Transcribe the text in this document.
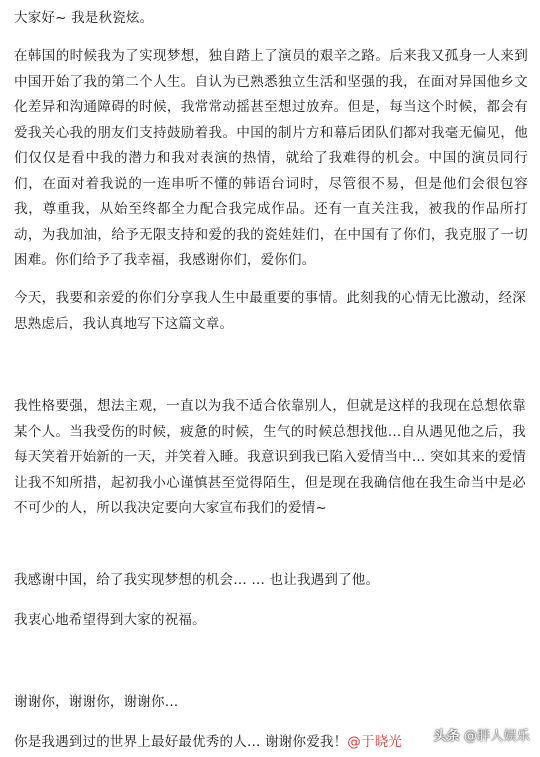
大家好~ 我是秋瓷炫。

在韩国的时候我为了实现梦想，独自踏上了演员的艰辛之路。后来我又孤身一人来到中国开始了我的第二个人生。自认为已熟悉独立生活和坚强的我，在面对异国他乡文化差异和沟通障碍的时候，我常常动摇甚至想过放弃。但是，每当这个时候，都会有爱我关心我的朋友们支持鼓励着我。中国的制片方和幕后团队们都对我毫无偏见，他们仅仅是看中我的潜力和我对表演的热情，就给了我难得的机会。中国的演员同行们，在面对着我说的一连串听不懂的韩语台词时，尽管很不易，但是他们会很包容我，尊重我，从始至终都全力配合我完成作品。还有一直关注我，被我的作品所打动，为我加油，给予无限支持和爱的我的瓷娃娃们，在中国有了你们，我克服了一切困难。你们给予了我幸福，我感谢你们，爱你们。

今天，我要和亲爱的你们分享我人生中最重要的事情。此刻我的心情无比激动，经深思熟虑后，我认真地写下这篇文章。

我性格要强，想法主观，一直以为我不适合依靠别人，但就是这样的我现在总想依靠某个人。当我受伤的时候，疲惫的时候，生气的时候总想找他…自从遇见他之后，我每天笑着开始新的一天，并笑着入睡。我意识到我已陷入爱情当中… 突如其来的爱情让我不知所措，起初我小心谨慎甚至觉得陌生，但是现在我确信他在我生命当中是必不可少的人，所以我决定要向大家宣布我们的爱情~

我感谢中国，给了我实现梦想的机会… … 也让我遇到了他。

我衷心地希望得到大家的祝福。

谢谢你，谢谢你，谢谢你…

你是我遇到过的世界上最好最优秀的人… 谢谢你爱我！@于晓光 头条 @胖人娱乐
